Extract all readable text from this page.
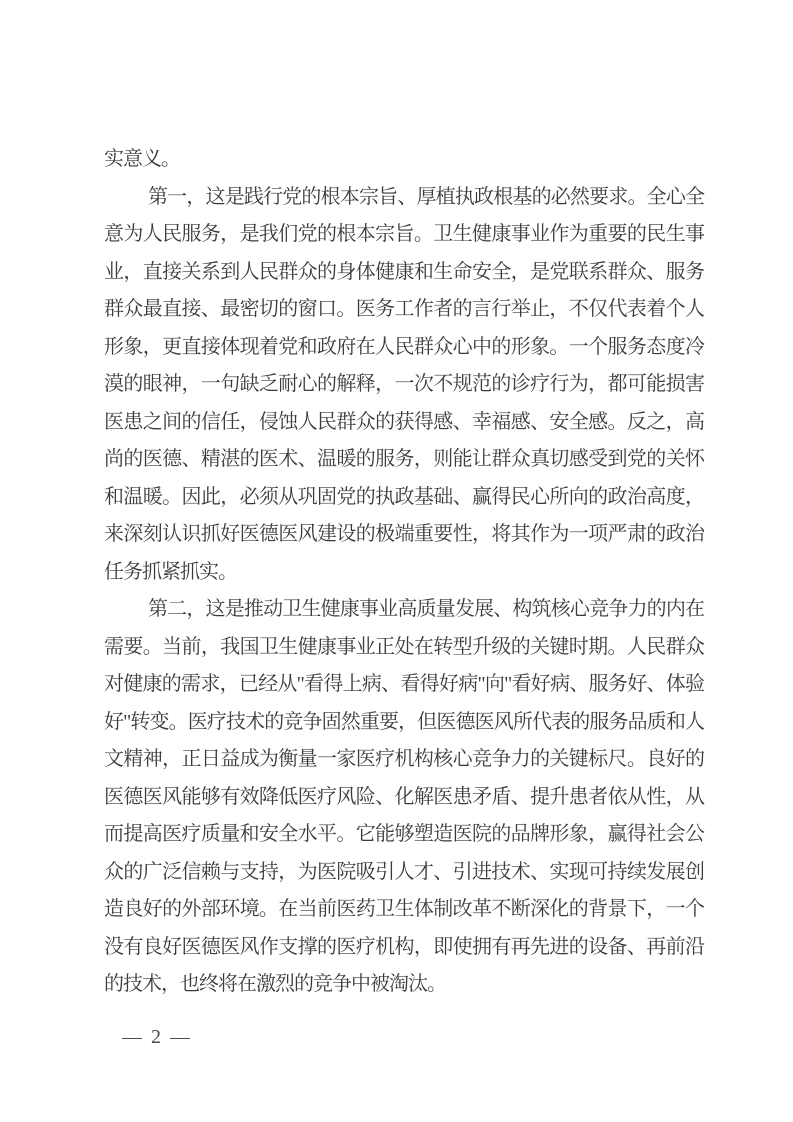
实意义。

第一，这是践行党的根本宗旨、厚植执政根基的必然要求。全心全意为人民服务，是我们党的根本宗旨。卫生健康事业作为重要的民生事业，直接关系到人民群众的身体健康和生命安全，是党联系群众、服务群众最直接、最密切的窗口。医务工作者的言行举止，不仅代表着个人形象，更直接体现着党和政府在人民群众心中的形象。一个服务态度冷漠的眼神，一句缺乏耐心的解释，一次不规范的诊疗行为，都可能损害医患之间的信任，侵蚀人民群众的获得感、幸福感、安全感。反之，高尚的医德、精湛的医术、温暖的服务，则能让群众真切感受到党的关怀和温暖。因此，必须从巩固党的执政基础、赢得民心所向的政治高度，来深刻认识抓好医德医风建设的极端重要性，将其作为一项严肃的政治任务抓紧抓实。

第二，这是推动卫生健康事业高质量发展、构筑核心竞争力的内在需要。当前，我国卫生健康事业正处在转型升级的关键时期。人民群众对健康的需求，已经从"看得上病、看得好病"向"看好病、服务好、体验好"转变。医疗技术的竞争固然重要，但医德医风所代表的服务品质和人文精神，正日益成为衡量一家医疗机构核心竞争力的关键标尺。良好的医德医风能够有效降低医疗风险、化解医患矛盾、提升患者依从性，从而提高医疗质量和安全水平。它能够塑造医院的品牌形象，赢得社会公众的广泛信赖与支持，为医院吸引人才、引进技术、实现可持续发展创造良好的外部环境。在当前医药卫生体制改革不断深化的背景下，一个没有良好医德医风作支撑的医疗机构，即使拥有再先进的设备、再前沿的技术，也终将在激烈的竞争中被淘汰。

— 2 —
